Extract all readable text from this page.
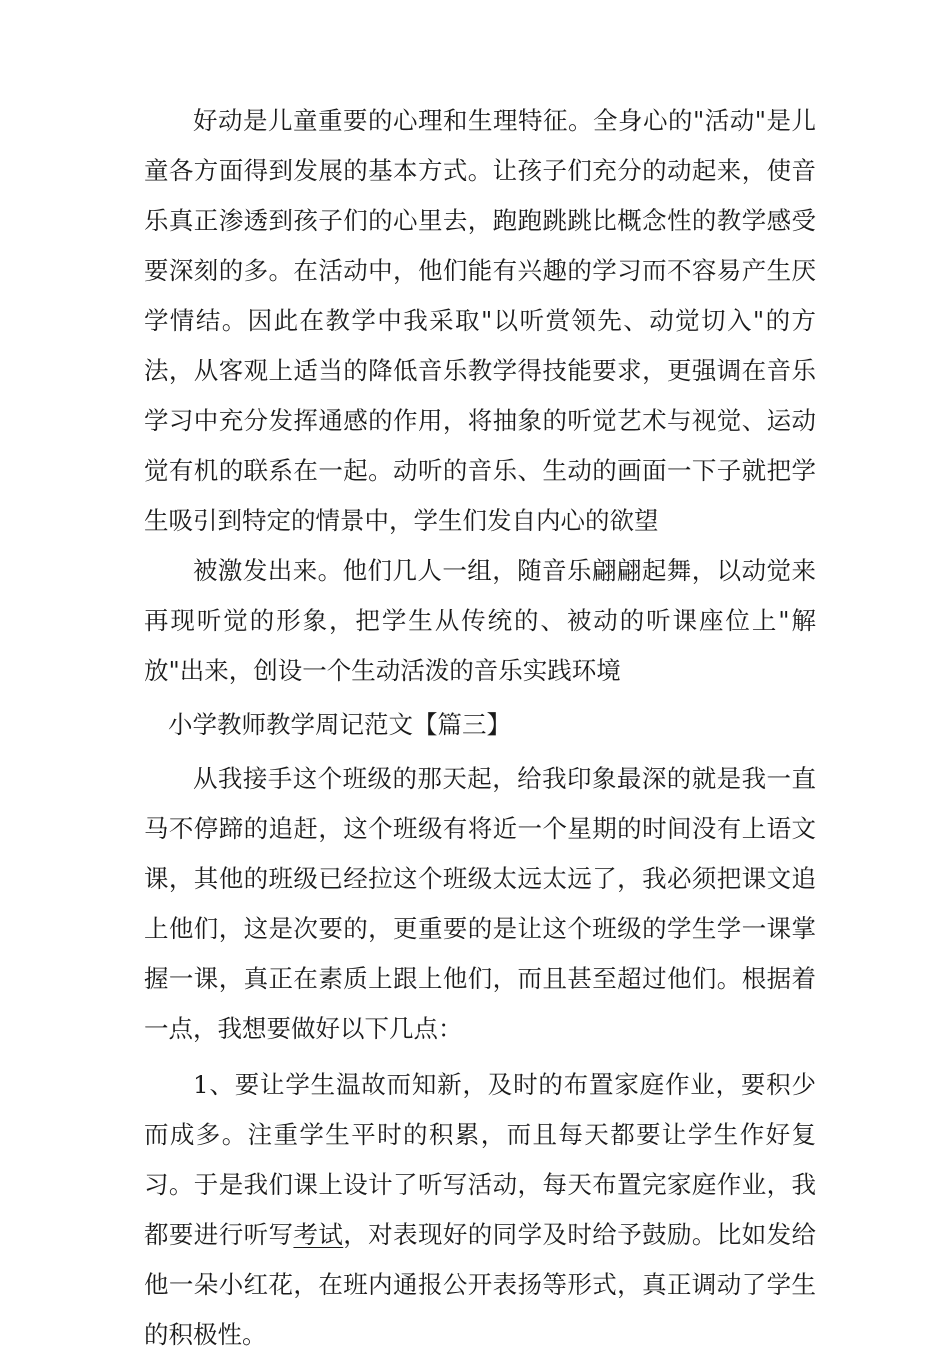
好动是儿童重要的心理和生理特征。全身心的"活动"是儿童各方面得到发展的基本方式。让孩子们充分的动起来，使音乐真正渗透到孩子们的心里去，跑跑跳跳比概念性的教学感受要深刻的多。在活动中，他们能有兴趣的学习而不容易产生厌学情结。因此在教学中我采取"以听赏领先、动觉切入"的方法，从客观上适当的降低音乐教学得技能要求，更强调在音乐学习中充分发挥通感的作用，将抽象的听觉艺术与视觉、运动觉有机的联系在一起。动听的音乐、生动的画面一下子就把学生吸引到特定的情景中，学生们发自内心的欲望

被激发出来。他们几人一组，随音乐翩翩起舞，以动觉来再现听觉的形象，把学生从传统的、被动的听课座位上"解放"出来，创设一个生动活泼的音乐实践环境

小学教师教学周记范文【篇三】

从我接手这个班级的那天起，给我印象最深的就是我一直马不停蹄的追赶，这个班级有将近一个星期的时间没有上语文课，其他的班级已经拉这个班级太远太远了，我必须把课文追上他们，这是次要的，更重要的是让这个班级的学生学一课掌握一课，真正在素质上跟上他们，而且甚至超过他们。根据着一点，我想要做好以下几点：

1、要让学生温故而知新，及时的布置家庭作业，要积少而成多。注重学生平时的积累，而且每天都要让学生作好复习。于是我们课上设计了听写活动，每天布置完家庭作业，我都要进行听写考试，对表现好的同学及时给予鼓励。比如发给他一朵小红花，在班内通报公开表扬等形式，真正调动了学生的积极性。
